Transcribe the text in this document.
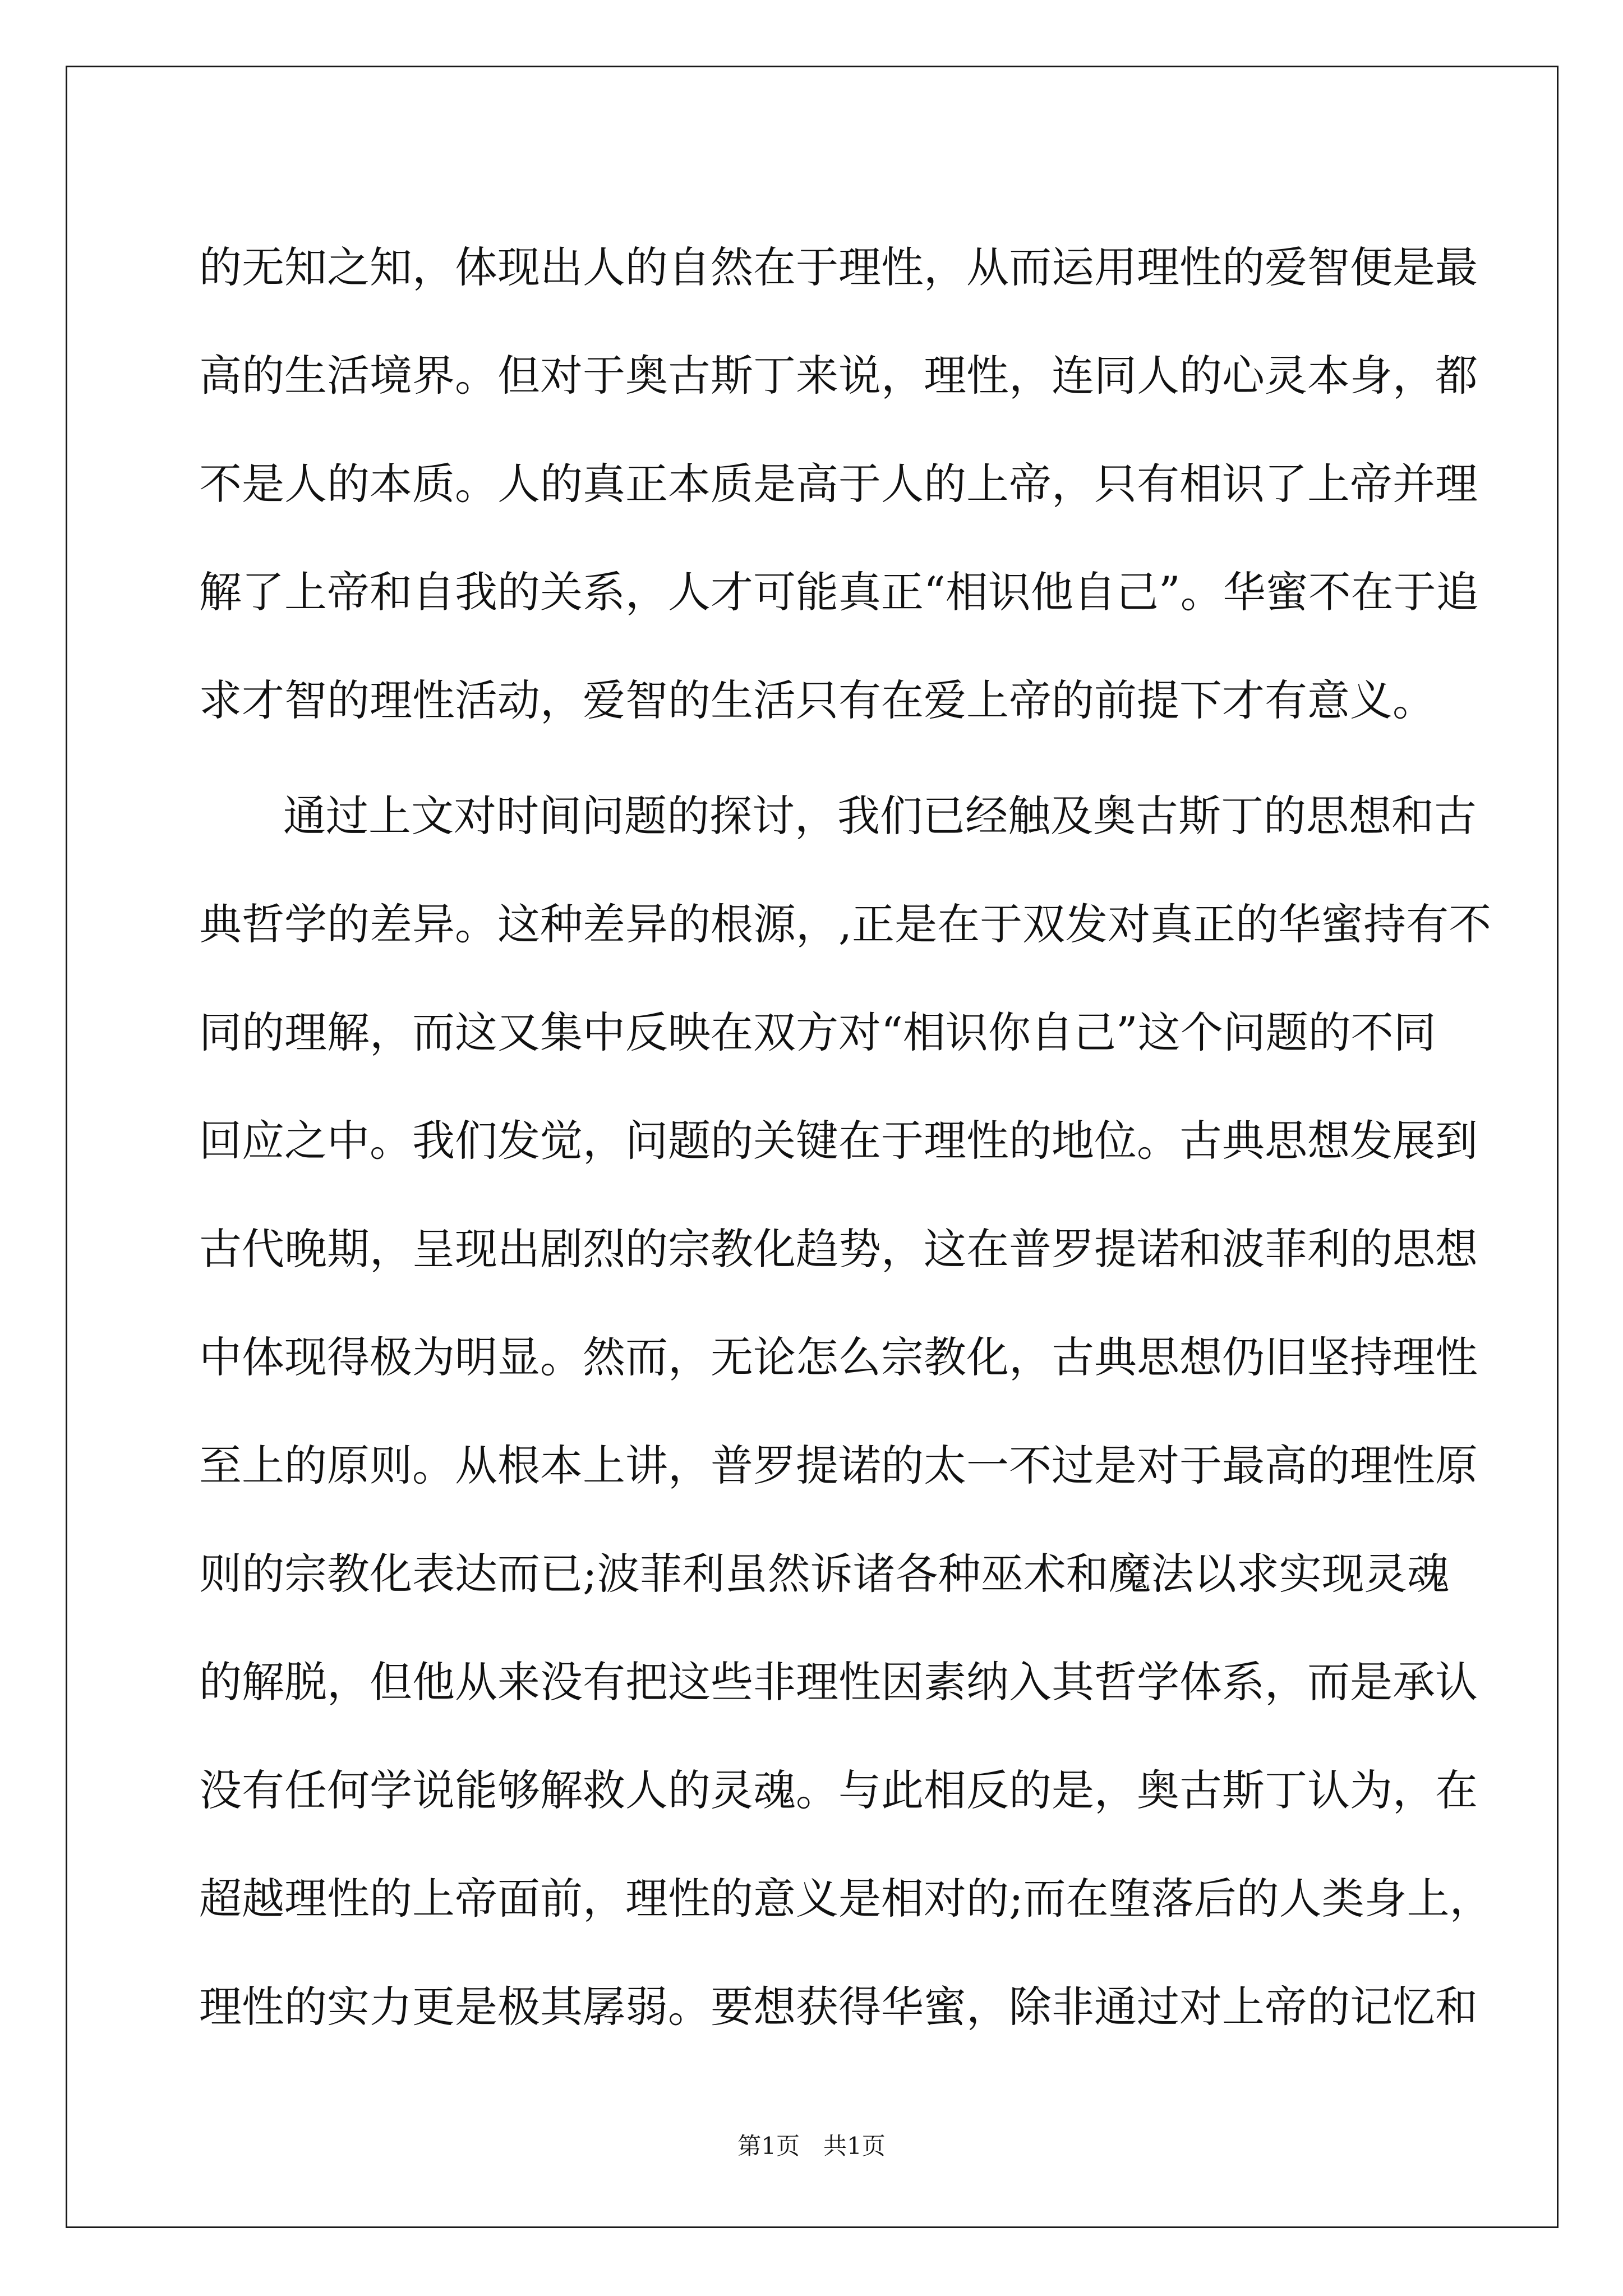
的无知之知，体现出人的自然在于理性，从而运用理性的爱智便是最
高的生活境界。但对于奥古斯丁来说，理性，连同人的心灵本身，都
不是人的本质。人的真正本质是高于人的上帝，只有相识了上帝并理
解了上帝和自我的关系，人才可能真正“相识他自己”。华蜜不在于追
求才智的理性活动，爱智的生活只有在爱上帝的前提下才有意义。
通过上文对时间问题的探讨，我们已经触及奥古斯丁的思想和古
典哲学的差异。这种差异的根源，,正是在于双发对真正的华蜜持有不
同的理解，而这又集中反映在双方对“相识你自己”这个问题的不同
回应之中。我们发觉，问题的关键在于理性的地位。古典思想发展到
古代晚期，呈现出剧烈的宗教化趋势，这在普罗提诺和波菲利的思想
中体现得极为明显。然而，无论怎么宗教化，古典思想仍旧坚持理性
至上的原则。从根本上讲，普罗提诺的太一不过是对于最高的理性原
则的宗教化表达而已;波菲利虽然诉诸各种巫术和魔法以求实现灵魂
的解脱，但他从来没有把这些非理性因素纳入其哲学体系，而是承认
没有任何学说能够解救人的灵魂。与此相反的是，奥古斯丁认为，在
超越理性的上帝面前，理性的意义是相对的;而在堕落后的人类身上，
理性的实力更是极其孱弱。要想获得华蜜，除非通过对上帝的记忆和
第1页　共1页
